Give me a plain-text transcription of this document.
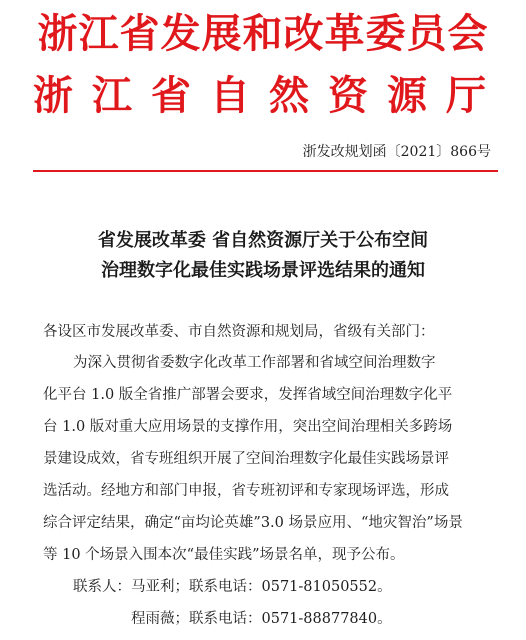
浙江省发展和改革委员会
浙江省自然资源厅
浙发改规划函〔2021〕866号
省发展改革委 省自然资源厅关于公布空间
治理数字化最佳实践场景评选结果的通知
各设区市发展改革委、市自然资源和规划局，省级有关部门：
为深入贯彻省委数字化改革工作部署和省域空间治理数字
化平台 1.0 版全省推广部署会要求，发挥省域空间治理数字化平
台 1.0 版对重大应用场景的支撑作用，突出空间治理相关多跨场
景建设成效，省专班组织开展了空间治理数字化最佳实践场景评
选活动。经地方和部门申报，省专班初评和专家现场评选，形成
综合评定结果，确定“亩均论英雄”3.0 场景应用、“地灾智治”场景
等 10 个场景入围本次“最佳实践”场景名单，现予公布。
联系人：马亚利；联系电话：0571-81050552。
程雨薇；联系电话：0571-88877840。
